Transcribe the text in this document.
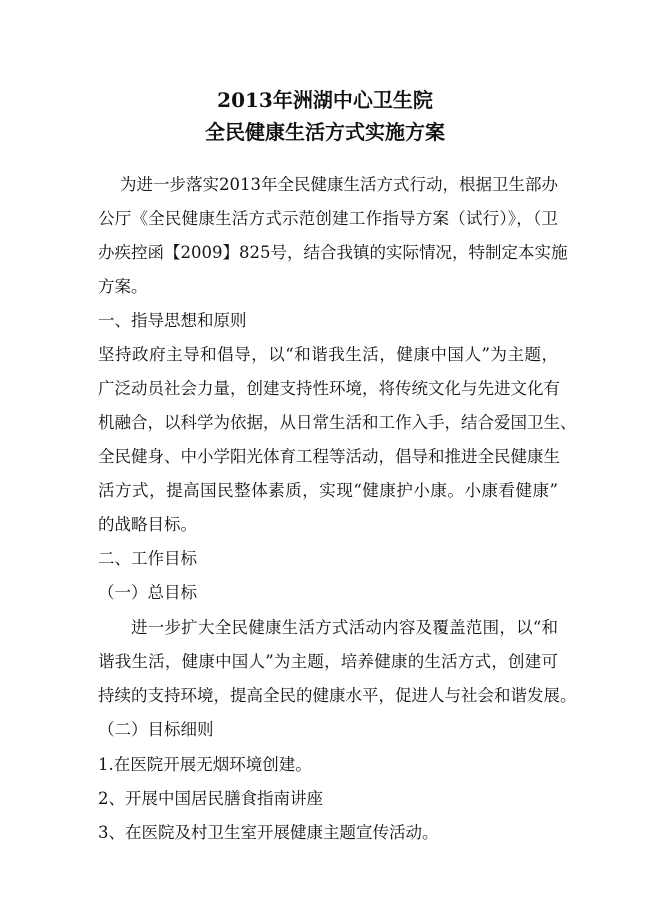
2013年洲湖中心卫生院
全民健康生活方式实施方案
为进一步落实2013年全民健康生活方式行动，根据卫生部办
公厅《全民健康生活方式示范创建工作指导方案（试行）》，（卫
办疾控函【2009】825号，结合我镇的实际情况，特制定本实施
方案。
一、指导思想和原则
坚持政府主导和倡导，以“和谐我生活，健康中国人”为主题，
广泛动员社会力量，创建支持性环境，将传统文化与先进文化有
机融合，以科学为依据，从日常生活和工作入手，结合爱国卫生、
全民健身、中小学阳光体育工程等活动，倡导和推进全民健康生
活方式，提高国民整体素质，实现“健康护小康。小康看健康”
的战略目标。
二、工作目标
（一）总目标
进一步扩大全民健康生活方式活动内容及覆盖范围，以“和
谐我生活，健康中国人”为主题，培养健康的生活方式，创建可
持续的支持环境，提高全民的健康水平，促进人与社会和谐发展。
（二）目标细则
1.在医院开展无烟环境创建。
2、开展中国居民膳食指南讲座
3、在医院及村卫生室开展健康主题宣传活动。
